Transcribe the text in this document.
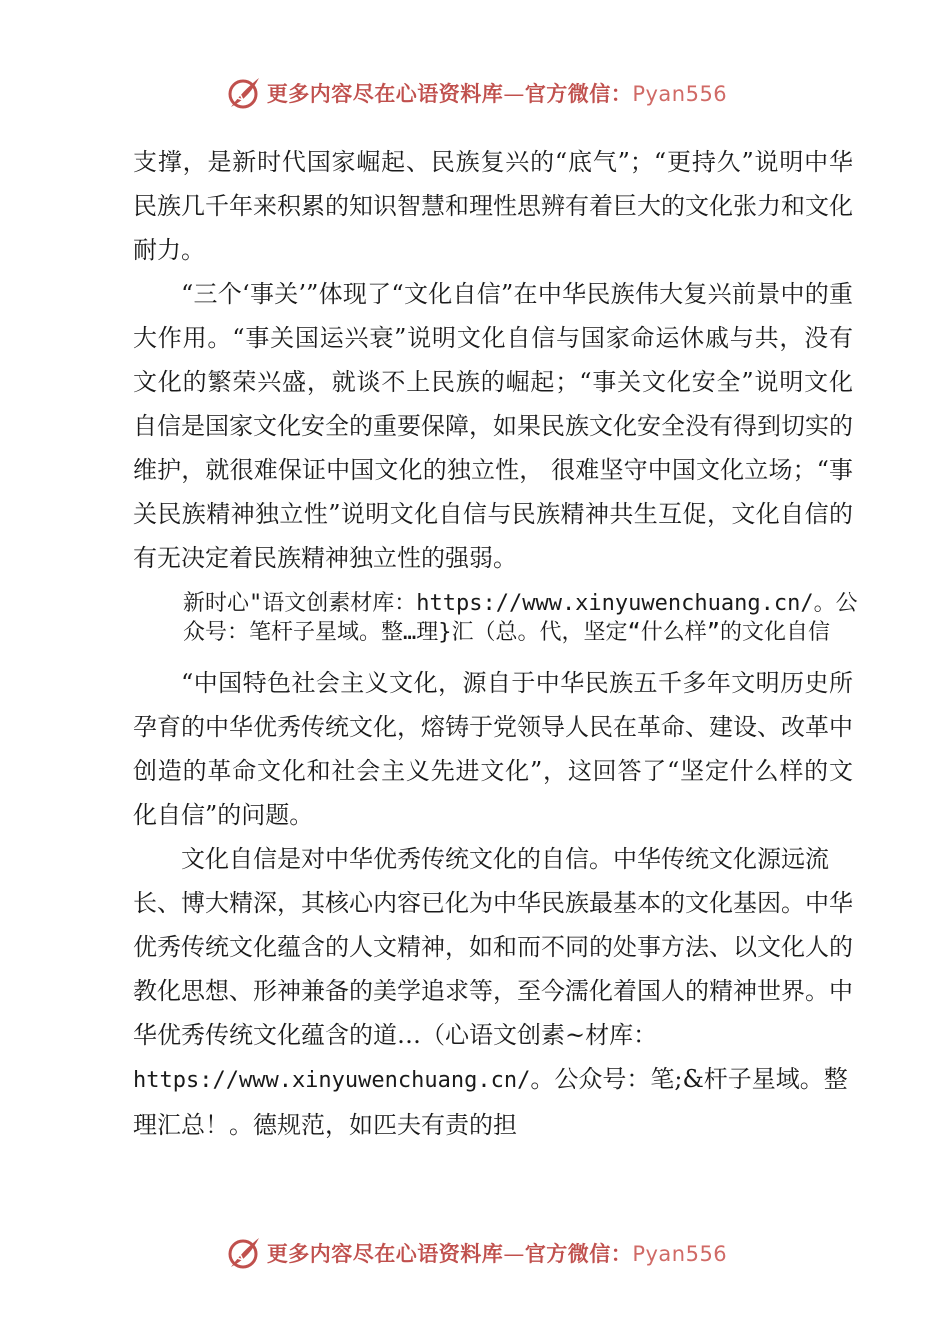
更多内容尽在心语资料库—官方微信：Pyan556

支撑，是新时代国家崛起、民族复兴的“底气”；“更持久”说明中华民族几千年来积累的知识智慧和理性思辨有着巨大的文化张力和文化耐力。

“三个‘事关’”体现了“文化自信”在中华民族伟大复兴前景中的重大作用。“事关国运兴衰”说明文化自信与国家命运休戚与共，没有文化的繁荣兴盛，就谈不上民族的崛起；“事关文化安全”说明文化自信是国家文化安全的重要保障，如果民族文化安全没有得到切实的维护，就很难保证中国文化的独立性， 很难坚守中国文化立场；“事关民族精神独立性”说明文化自信与民族精神共生互促，文化自信的有无决定着民族精神独立性的强弱。

新时心"语文创素材库：https://www.xinyuwenchuang.cn/。公众号：笔杆子星域。整…理}汇（总。代，坚定“什么样”的文化自信

“中国特色社会主义文化，源自于中华民族五千多年文明历史所孕育的中华优秀传统文化，熔铸于党领导人民在革命、建设、改革中创造的革命文化和社会主义先进文化”，这回答了“坚定什么样的文化自信”的问题。

文化自信是对中华优秀传统文化的自信。中华传统文化源远流长、博大精深，其核心内容已化为中华民族最基本的文化基因。中华优秀传统文化蕴含的人文精神，如和而不同的处事方法、以文化人的教化思想、形神兼备的美学追求等，至今濡化着国人的精神世界。中华优秀传统文化蕴含的道…（心语文创素~材库：https://www.xinyuwenchuang.cn/。公众号：笔;&杆子星域。整理汇总！。德规范，如匹夫有责的担

更多内容尽在心语资料库—官方微信：Pyan556
